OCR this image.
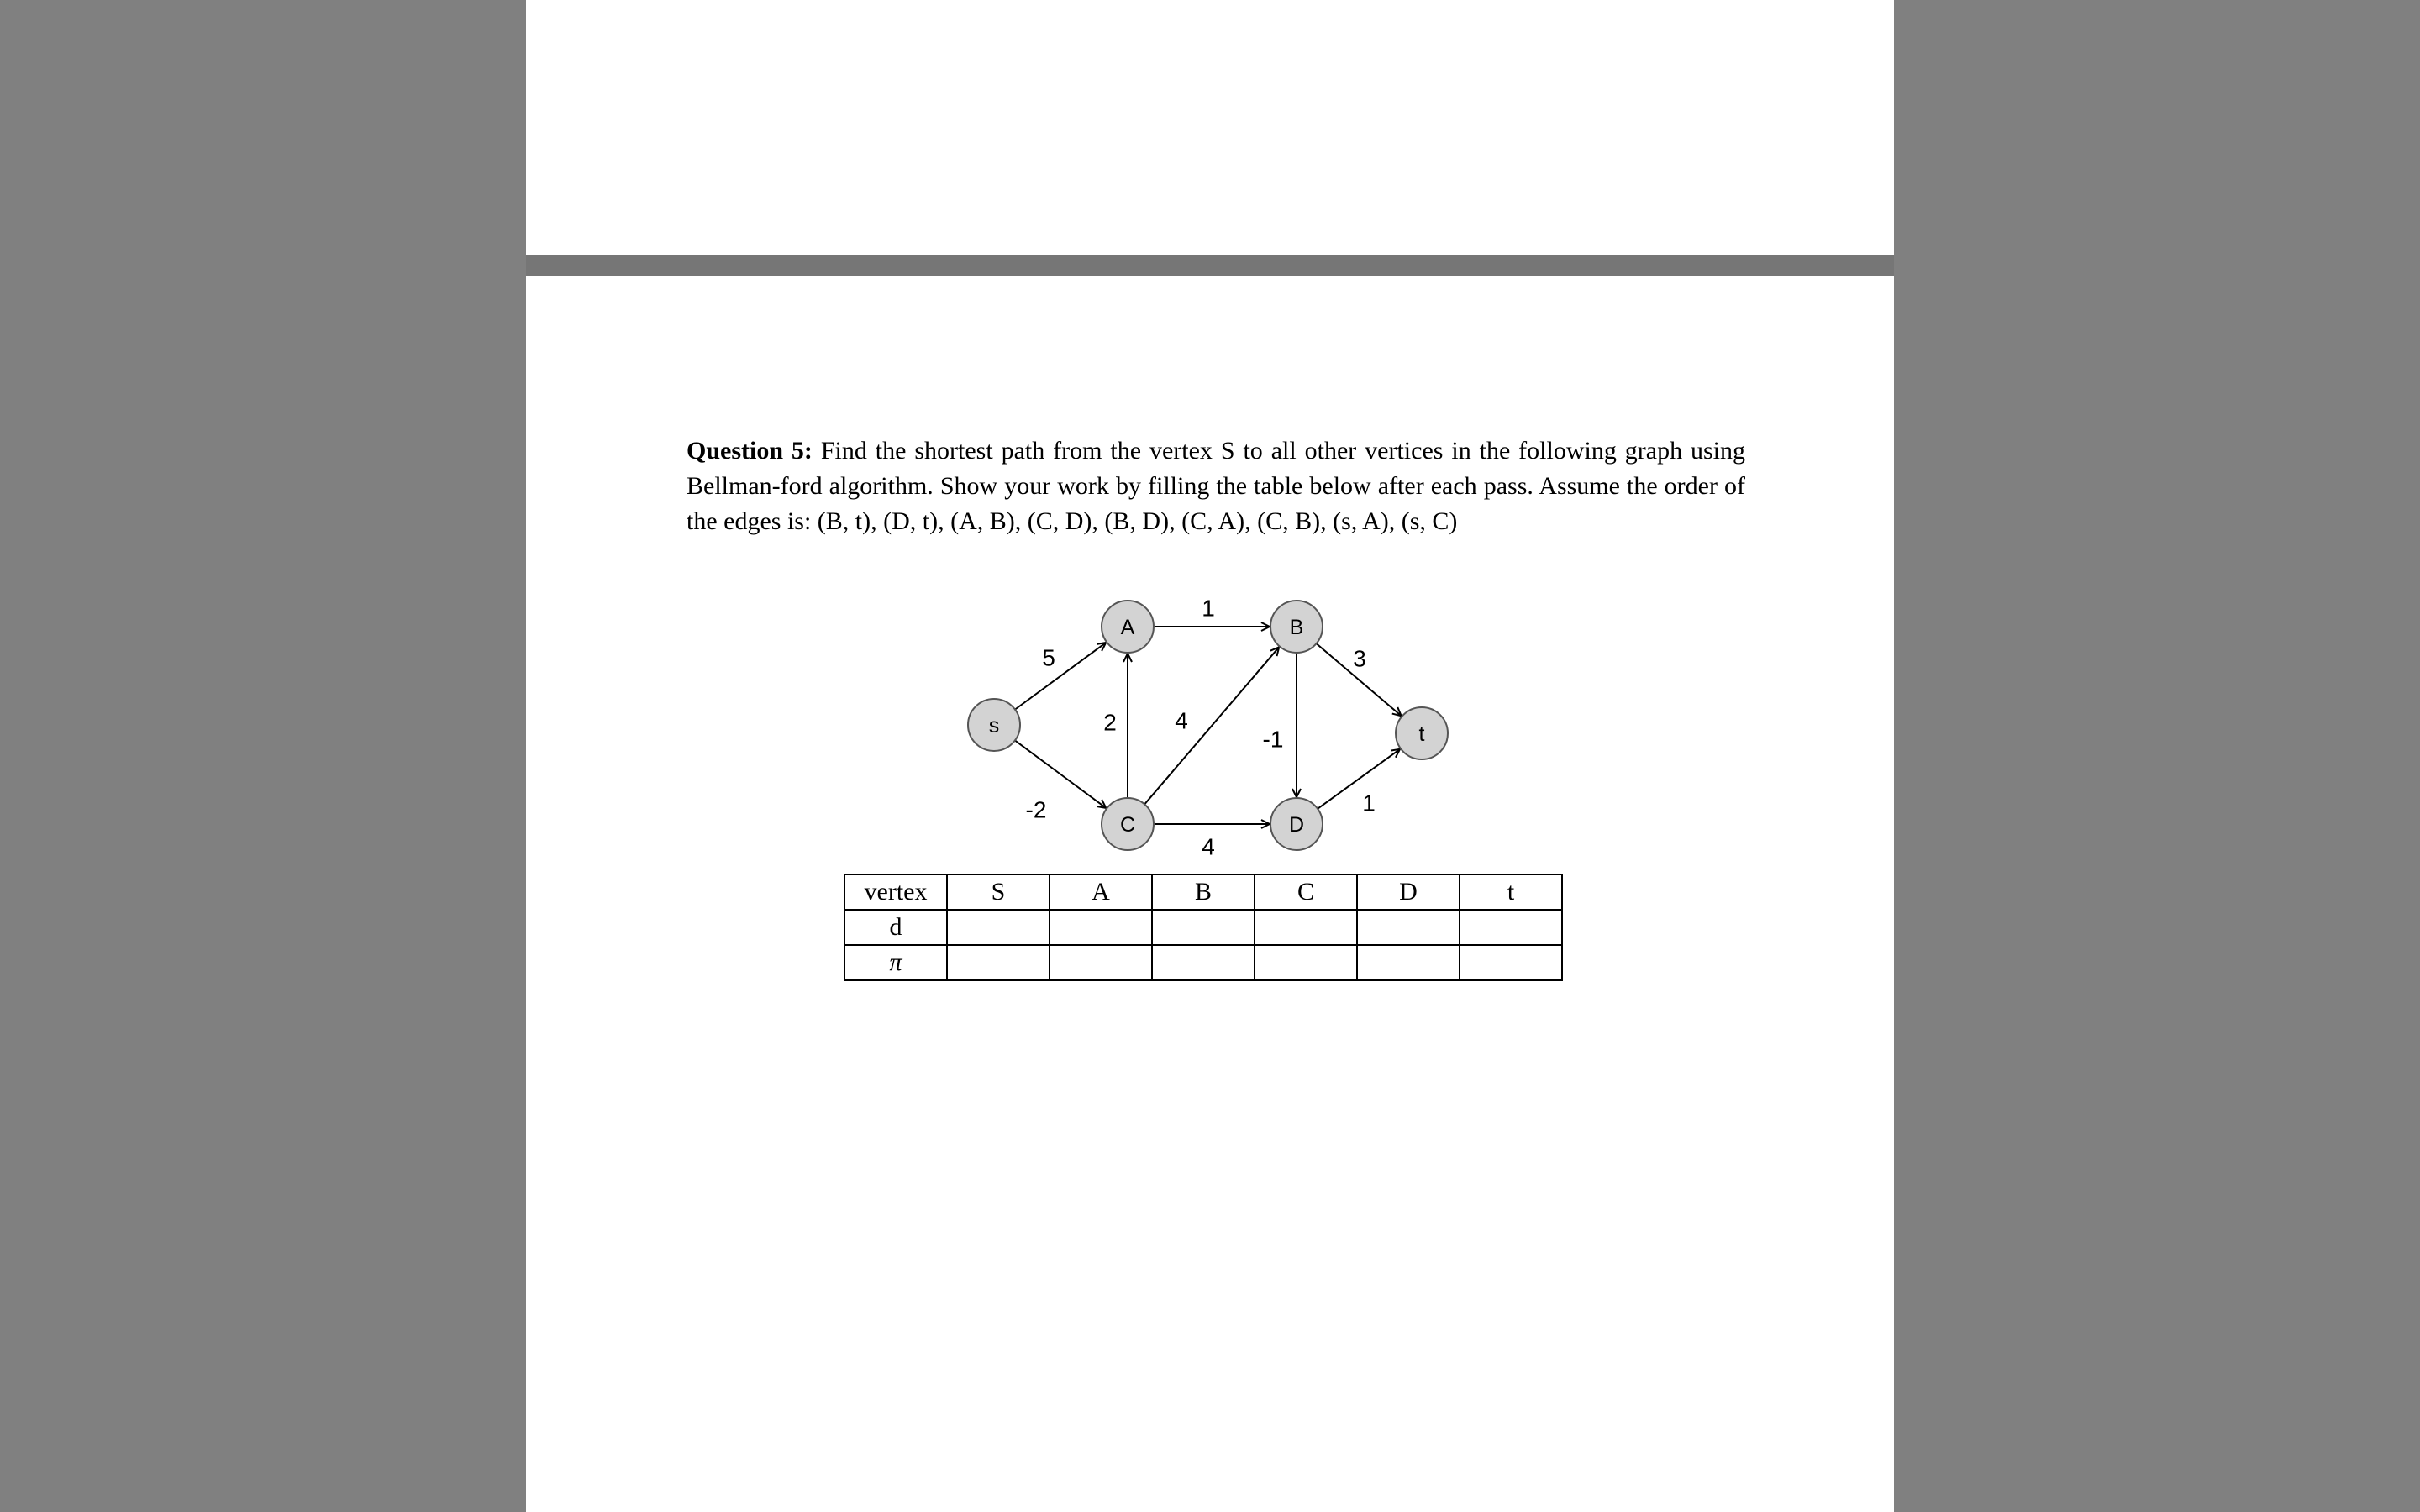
Question 5: Find the shortest path from the vertex S to all other vertices in the following graph using Bellman-ford algorithm. Show your work by filling the table below after each pass. Assume the order of the edges is: (B, t), (D, t), (A, B), (C, D), (B, D), (C, A), (C, B), (s, A), (s, C)
5
-2
1
2 4
4
-1
3
1
s
A	B
C	D
t
vertex	S	A	B	C	D	t
d						
π						
